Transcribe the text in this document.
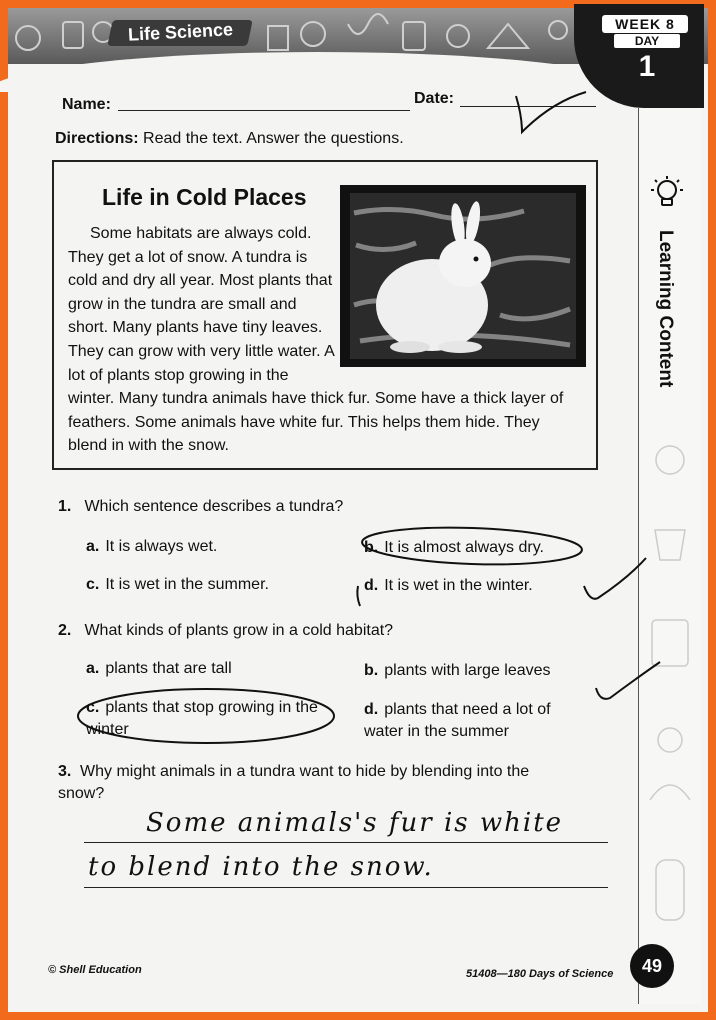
Life Science	WEEK 8
DAY
1
Learning Content
Name:	Date:
Directions: Read the text. Answer the questions.
Life in Cold Places
Some habitats are always cold. They get a lot of snow. A tundra is cold and dry all year. Most plants that grow in the tundra are small and short. Many plants have tiny leaves. They can grow with very little water. A lot of plants stop growing in the winter. Many tundra animals have thick fur. Some have a thick layer of feathers. Some animals have white fur. This helps them hide. They blend in with the snow.
1. Which sentence describes a tundra?
a. It is always wet.	b. It is almost always dry.
c. It is wet in the summer.	d. It is wet in the winter.
2. What kinds of plants grow in a cold habitat?
a. plants that are tall	b. plants with large leaves
c. plants that stop growing in the winter
d. plants that need a lot of water in the summer
3. Why might animals in a tundra want to hide by blending into the snow?
Some animals's fur is white
to blend into the snow.
© Shell Education	51408—180 Days of Science	49
